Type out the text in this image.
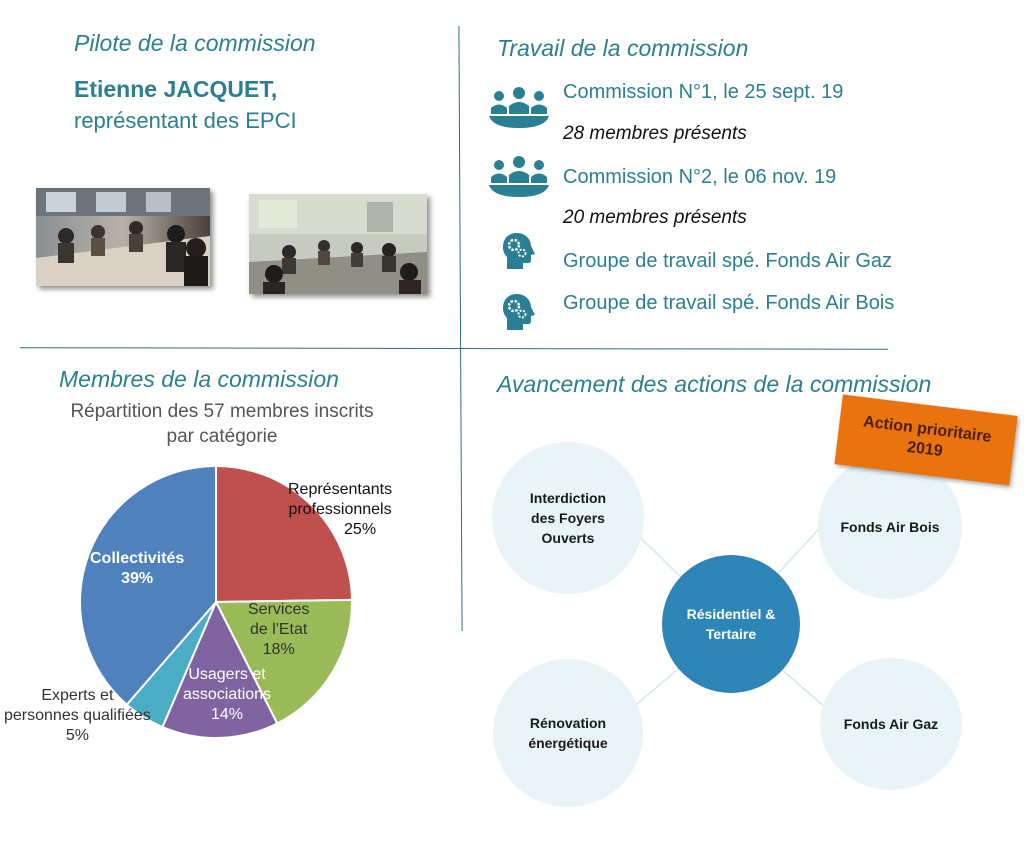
Pilote de la commission
Etienne JACQUET,
représentant des EPCI
Travail de la commission
Commission N°1, le 25 sept. 19
28 membres présents
Commission N°2, le 06 nov. 19
20 membres présents
Groupe de travail spé. Fonds Air Gaz
Groupe de travail spé. Fonds Air Bois
Membres de la commission
Répartition des 57 membres inscrits
par catégorie
Représentants
professionnels
25%
Services
de l'Etat
18%
Usagers et
associations
14%
Experts et
personnes qualifiées
5%
Collectivités
39%
Avancement des actions de la commission
Interdiction des Foyers Ouverts
Fonds Air Bois
Rénovation énergétique
Fonds Air Gaz
Résidentiel & Tertaire
Action prioritaire 2019
